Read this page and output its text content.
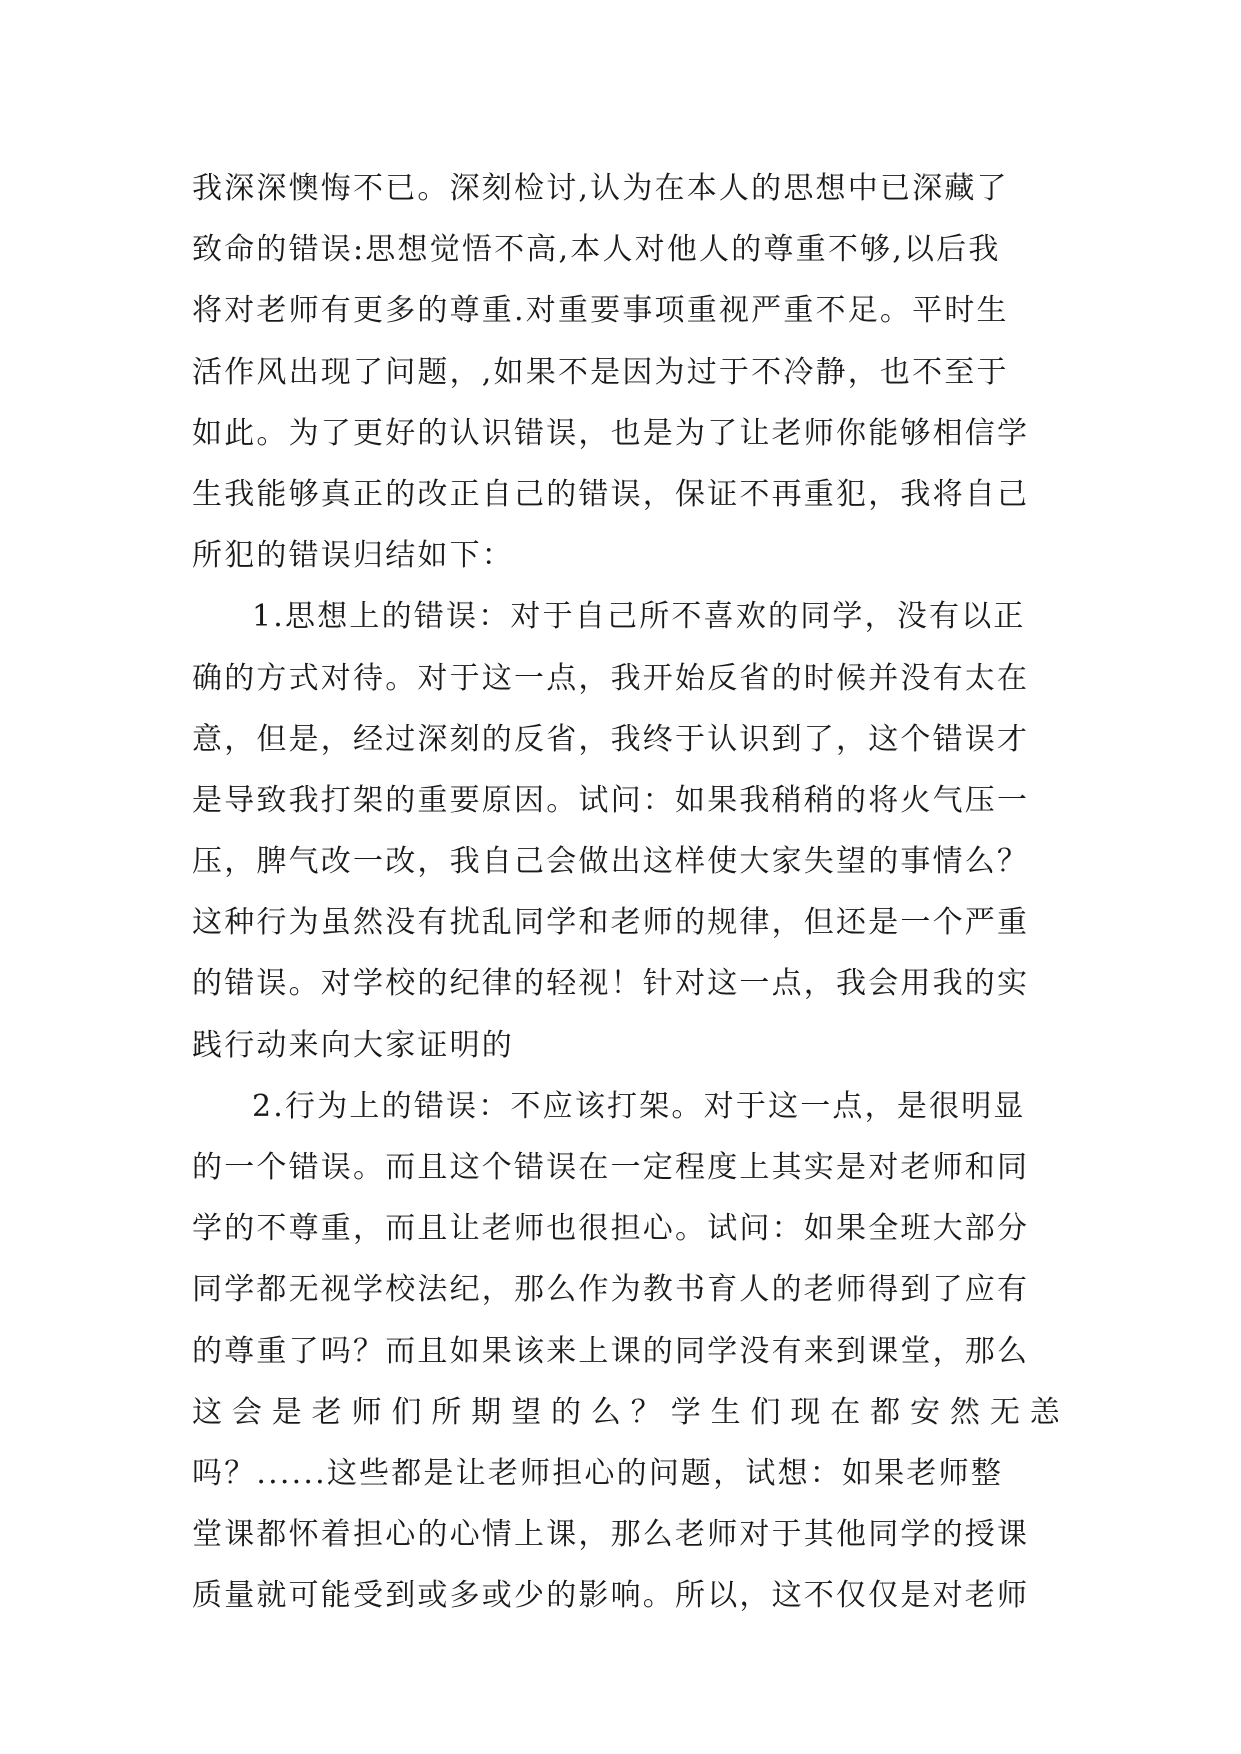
我深深懊悔不已。深刻检讨,认为在本人的思想中已深藏了
致命的错误:思想觉悟不高,本人对他人的尊重不够,以后我
将对老师有更多的尊重.对重要事项重视严重不足。平时生
活作风出现了问题，,如果不是因为过于不冷静，也不至于
如此。为了更好的认识错误，也是为了让老师你能够相信学
生我能够真正的改正自己的错误，保证不再重犯，我将自己
所犯的错误归结如下：
1.思想上的错误：对于自己所不喜欢的同学，没有以正
确的方式对待。对于这一点，我开始反省的时候并没有太在
意，但是，经过深刻的反省，我终于认识到了，这个错误才
是导致我打架的重要原因。试问：如果我稍稍的将火气压一
压，脾气改一改，我自己会做出这样使大家失望的事情么？
这种行为虽然没有扰乱同学和老师的规律，但还是一个严重
的错误。对学校的纪律的轻视！针对这一点，我会用我的实
践行动来向大家证明的
2.行为上的错误：不应该打架。对于这一点，是很明显
的一个错误。而且这个错误在一定程度上其实是对老师和同
学的不尊重，而且让老师也很担心。试问：如果全班大部分
同学都无视学校法纪，那么作为教书育人的老师得到了应有
的尊重了吗？而且如果该来上课的同学没有来到课堂，那么
这 会 是 老 师 们 所 期 望 的 么 ？ 学 生 们 现 在 都 安 然 无 恙
吗？......这些都是让老师担心的问题，试想：如果老师整
堂课都怀着担心的心情上课，那么老师对于其他同学的授课
质量就可能受到或多或少的影响。所以，这不仅仅是对老师
